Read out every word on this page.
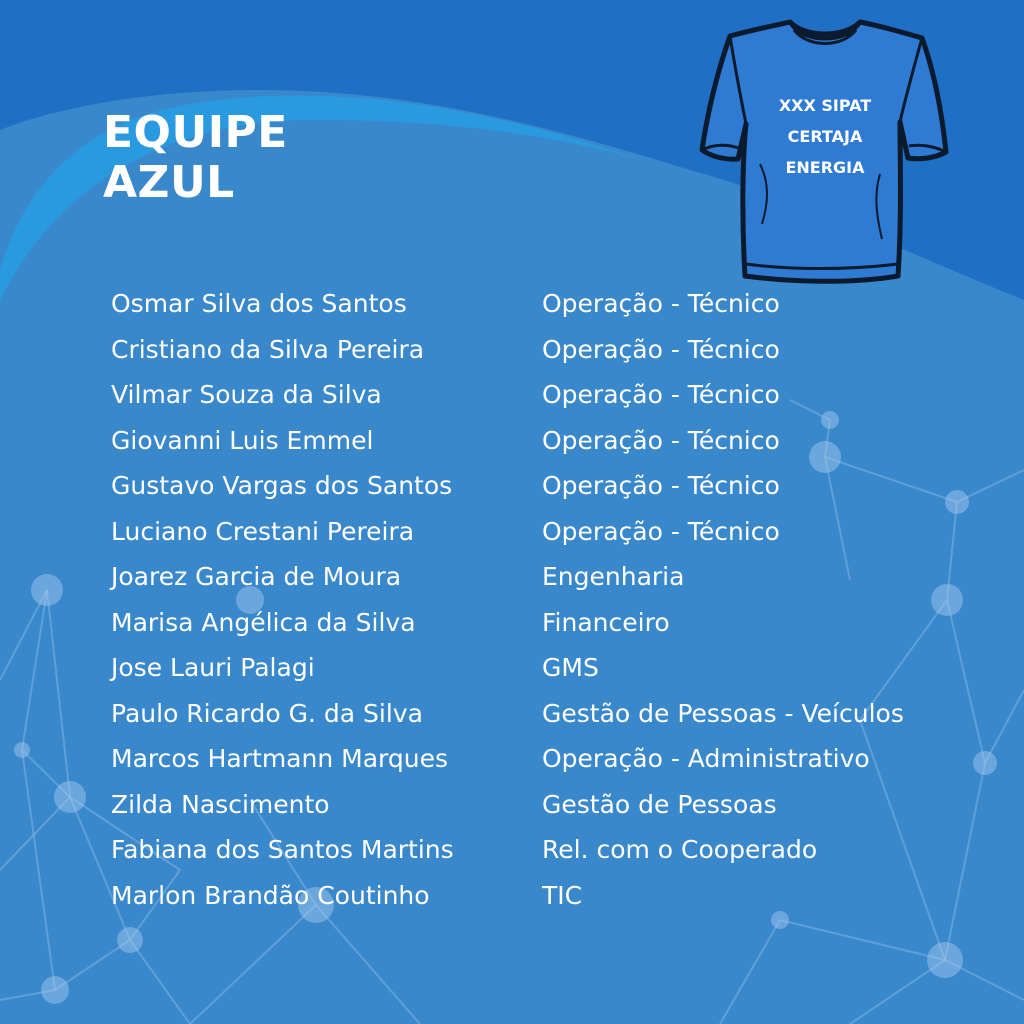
EQUIPE
AZUL
XXX SIPAT
CERTAJA
ENERGIA
Osmar Silva dos Santos	Operação - Técnico
Cristiano da Silva Pereira	Operação - Técnico
Vilmar Souza da Silva	Operação - Técnico
Giovanni Luis Emmel	Operação - Técnico
Gustavo Vargas dos Santos	Operação - Técnico
Luciano Crestani Pereira	Operação - Técnico
Joarez Garcia de Moura	Engenharia
Marisa Angélica da Silva	Financeiro
Jose Lauri Palagi	GMS
Paulo Ricardo G. da Silva	Gestão de Pessoas - Veículos
Marcos Hartmann Marques	Operação - Administrativo
Zilda Nascimento	Gestão de Pessoas
Fabiana dos Santos Martins	Rel. com o Cooperado
Marlon Brandão Coutinho	TIC
